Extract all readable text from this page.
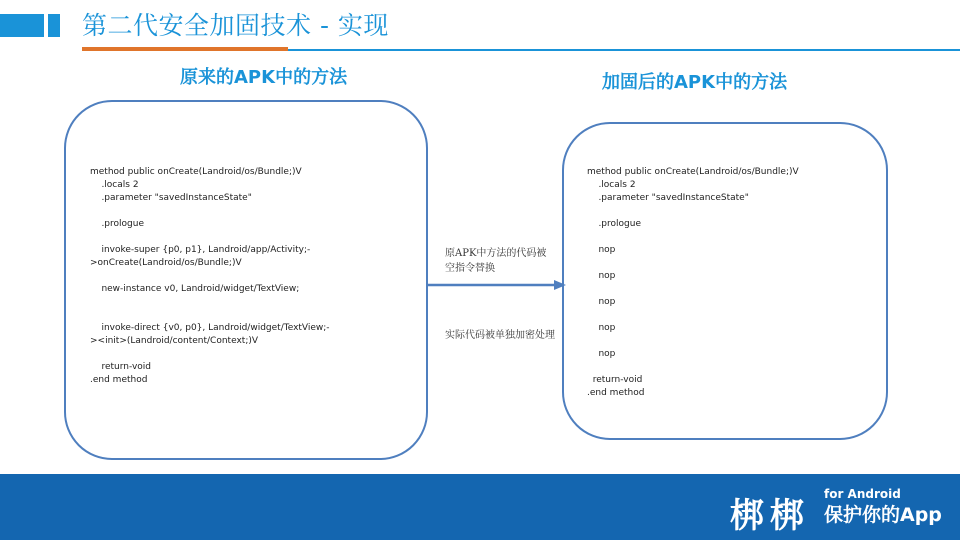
第二代安全加固技术 - 实现
原来的APK中的方法	加固后的APK中的方法
method public onCreate(Landroid/os/Bundle;)V
.locals 2
.parameter "savedInstanceState"

.prologue

invoke-super {p0, p1}, Landroid/app/Activity;-
>onCreate(Landroid/os/Bundle;)V

new-instance v0, Landroid/widget/TextView;

invoke-direct {v0, p0}, Landroid/widget/TextView;-
><init>(Landroid/content/Context;)V

return-void
.end method
method public onCreate(Landroid/os/Bundle;)V
.locals 2
.parameter "savedInstanceState"

.prologue

nop

nop

nop

nop

nop

return-void
.end method
原APK中方法的代码被空指令替换
实际代码被单独加密处理
梆梆
for Android
保护你的App
